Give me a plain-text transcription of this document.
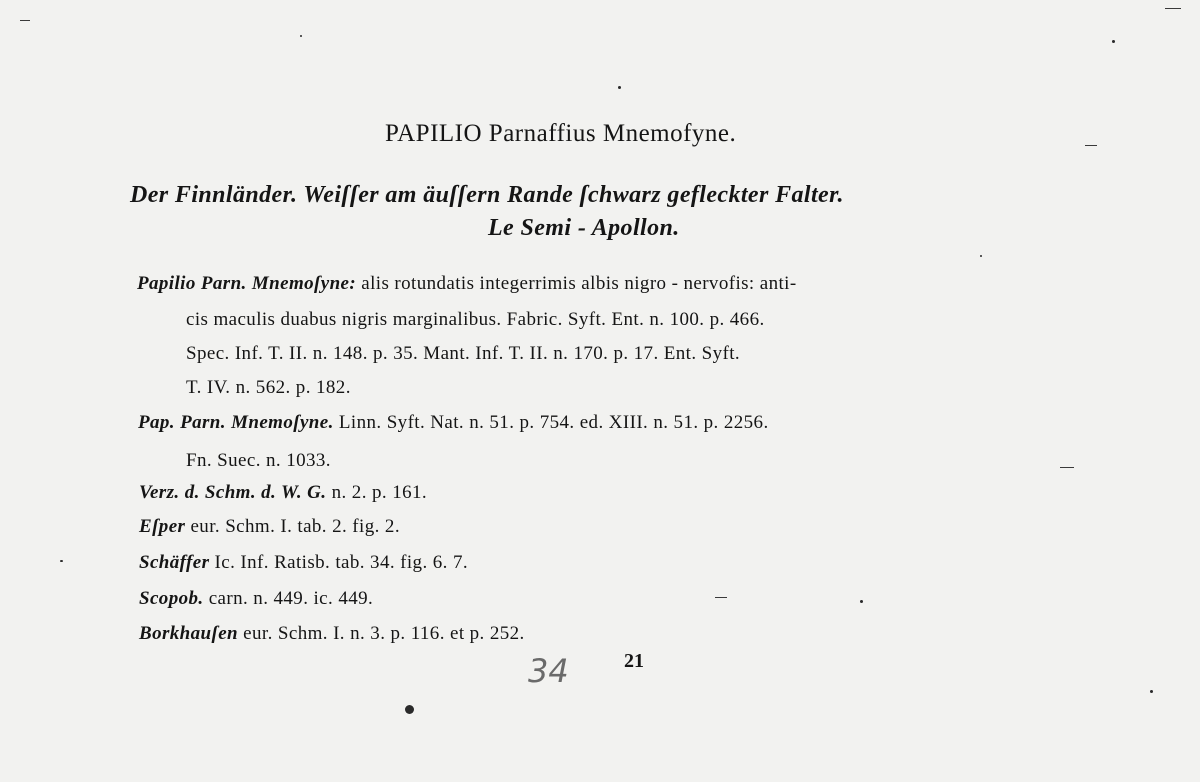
PAPILIO Parnaffius Mnemofyne.
Der Finnländer. Weiſſer am äuſſern Rande ſchwarz gefleckter Falter.
Le Semi - Apollon.
Papilio Parn. Mnemoſyne: alis rotundatis integerrimis albis nigro - nervofis: anti-
cis maculis duabus nigris marginalibus. Fabric. Syft. Ent. n. 100. p. 466.
Spec. Inf. T. II. n. 148. p. 35. Mant. Inf. T. II. n. 170. p. 17. Ent. Syft.
T. IV. n. 562. p. 182.
Pap. Parn. Mnemoſyne. Linn. Syft. Nat. n. 51. p. 754. ed. XIII. n. 51. p. 2256.
Fn. Suec. n. 1033.
Verz. d. Schm. d. W. G. n. 2. p. 161.
Eſper eur. Schm. I. tab. 2. fig. 2.
Schäffer Ic. Inf. Ratisb. tab. 34. fig. 6. 7.
Scopob. carn. n. 449. ic. 449.
Borkhauſen eur. Schm. I. n. 3. p. 116. et p. 252.
34	21
